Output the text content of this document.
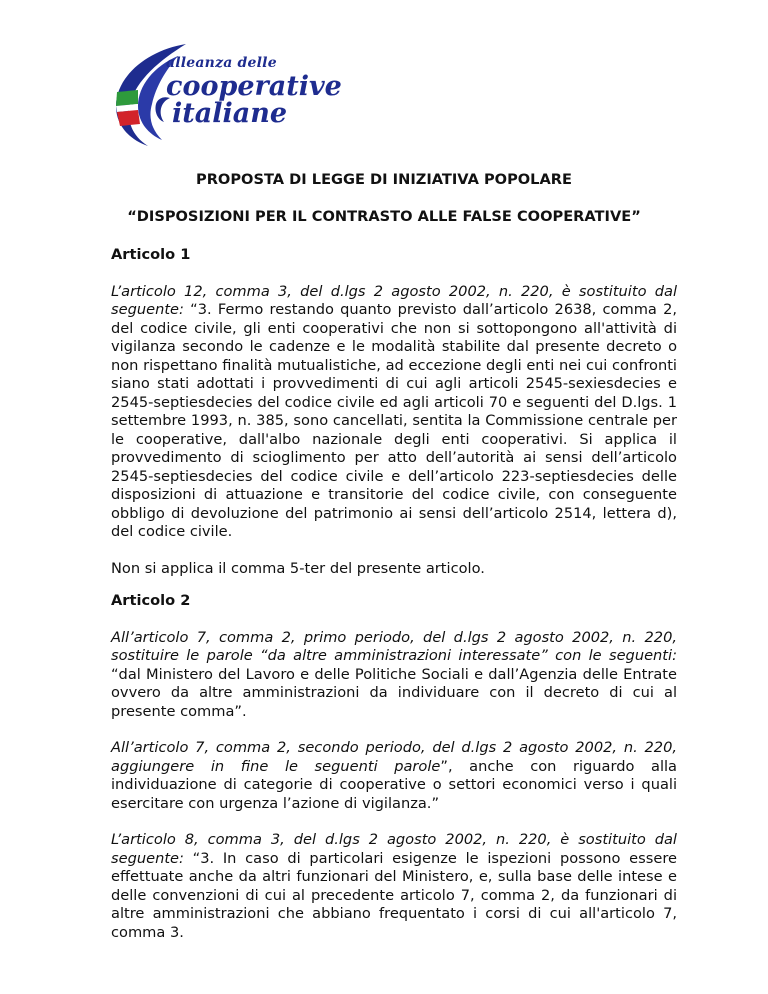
alleanza delle
cooperative
italiane
PROPOSTA DI LEGGE DI INIZIATIVA POPOLARE
“DISPOSIZIONI PER IL CONTRASTO ALLE FALSE COOPERATIVE”

Articolo 1

L’articolo 12, comma 3, del d.lgs 2 agosto 2002, n. 220, è sostituito dal seguente: “3. Fermo restando quanto previsto dall’articolo 2638, comma 2, del codice civile, gli enti cooperativi che non si sottopongono all'attività di vigilanza secondo le cadenze e le modalità stabilite dal presente decreto o non rispettano finalità mutualistiche, ad eccezione degli enti nei cui confronti siano stati adottati i provvedimenti di cui agli articoli 2545-sexiesdecies e 2545-septiesdecies del codice civile ed agli articoli 70 e seguenti del D.lgs. 1 settembre 1993, n. 385, sono cancellati, sentita la Commissione centrale per le cooperative, dall'albo nazionale degli enti cooperativi. Si applica il provvedimento di scioglimento per atto dell’autorità ai sensi dell’articolo 2545-septiesdecies del codice civile e dell’articolo 223-septiesdecies delle disposizioni di attuazione e transitorie del codice civile, con conseguente obbligo di devoluzione del patrimonio ai sensi dell’articolo 2514, lettera d), del codice civile.

Non si applica il comma 5-ter del presente articolo.

Articolo 2

All’articolo 7, comma 2, primo periodo, del d.lgs 2 agosto 2002, n. 220, sostituire le parole “da altre amministrazioni interessate” con le seguenti: “dal Ministero del Lavoro e delle Politiche Sociali e dall’Agenzia delle Entrate ovvero da altre amministrazioni da individuare con il decreto di cui al presente comma”.

All’articolo 7, comma 2, secondo periodo, del d.lgs 2 agosto 2002, n. 220, aggiungere in fine le seguenti parole”, anche con riguardo alla individuazione di categorie di cooperative o settori economici verso i quali esercitare con urgenza l’azione di vigilanza.”

L’articolo 8, comma 3, del d.lgs 2 agosto 2002, n. 220, è sostituito dal seguente: “3. In caso di particolari esigenze le ispezioni possono essere effettuate anche da altri funzionari del Ministero, e, sulla base delle intese e delle convenzioni di cui al precedente articolo 7, comma 2, da funzionari di altre amministrazioni che abbiano frequentato i corsi di cui all'articolo 7, comma 3.
